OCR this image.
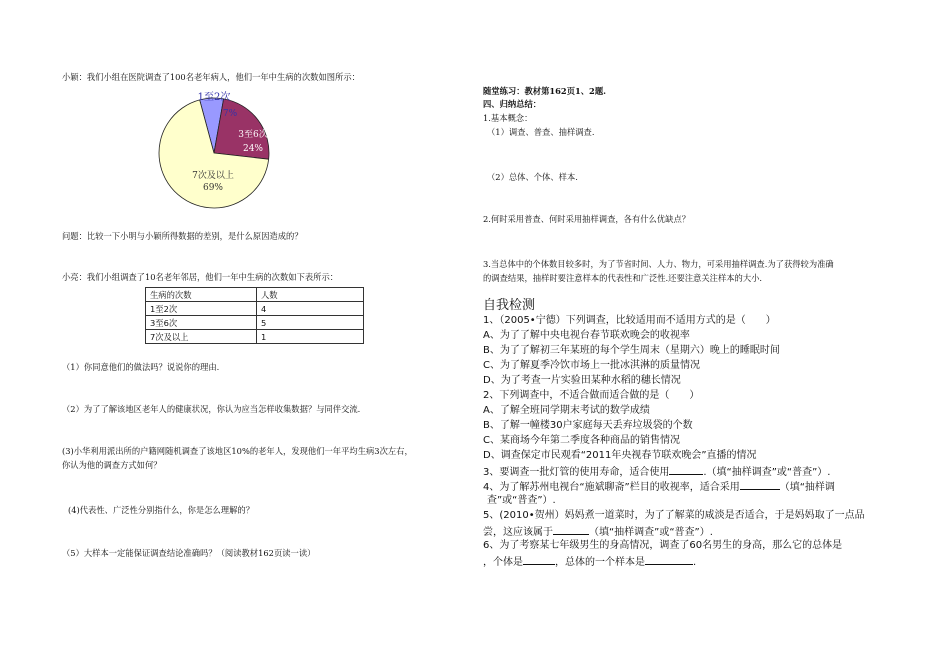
小颖：我们小组在医院调查了100名老年病人，他们一年中生病的次数如图所示：
1至2次
7%
3至6次
24%
7次及以上
69%
问题：比较一下小明与小颖所得数据的差别，是什么原因造成的？
小亮：我们小组调查了10名老年邻居，他们一年中生病的次数如下表所示：
生病的次数	人数
1至2次	4
3至6次	5
7次及以上	1
（1）你同意他们的做法吗？说说你的理由.
（2）为了了解该地区老年人的健康状况，你认为应当怎样收集数据？与同伴交流.
(3)小华利用派出所的户籍网随机调查了该地区10%的老年人，发现他们一年平均生病3次左右，
你认为他的调查方式如何？
(4)代表性、广泛性分别指什么，你是怎么理解的？
（5）大样本一定能保证调查结论准确吗？（阅读教材162页读一读）
随堂练习：教材第162页1、2题.
四、归纳总结：
1.基本概念：
（1）调查、普查、抽样调查.
（2）总体、个体、样本.
2.何时采用普查、何时采用抽样调查，各有什么优缺点？
3.当总体中的个体数目较多时，为了节省时间、人力、物力，可采用抽样调查.为了获得较为准确
的调查结果，抽样时要注意样本的代表性和广泛性.还要注意关注样本的大小.
自我检测
1、（2005•宁德）下列调查，比较适用而不适用方式的是（　　）
A、为了了解中央电视台春节联欢晚会的收视率
B、为了了解初三年某班的每个学生周末（星期六）晚上的睡眠时间
C、为了解夏季冷饮市场上一批冰淇淋的质量情况
D、为了考查一片实验田某种水稻的穗长情况
2、下列调查中，不适合做而适合做的是（　　）
A、了解全班同学期末考试的数学成绩
B、了解一幢楼30户家庭每天丢弃垃圾袋的个数
C、某商场今年第二季度各种商品的销售情况
D、调查保定市民观看“2011年央视春节联欢晚会”直播的情况
3、要调查一批灯管的使用寿命，适合使用	.（填“抽样调查”或“普查”）.
4、为了解苏州电视台“施斌聊斋”栏目的收视率，适合采用	（填“抽样调
查”或“普查”）.
5、(2010•贺州）妈妈煮一道菜时，为了了解菜的咸淡是否适合，于是妈妈取了一点品
尝，这应该属于	（填“抽样调查”或“普查”）.
6、为了考察某七年级男生的身高情况，调查了60名男生的身高，那么它的总体是
，个体是	，总体的一个样本是	.
